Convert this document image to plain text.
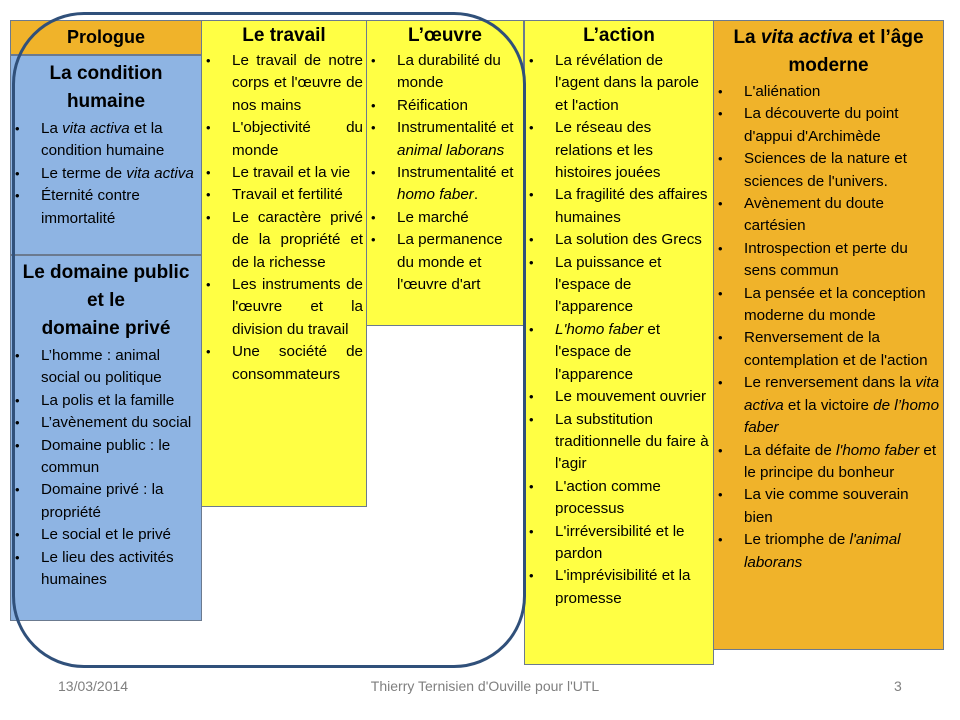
Prologue
La condition humaine
• La vita activa et la condition humaine
• Le terme de vita activa
• Éternité contre immortalité
Le domaine public
et le
domaine privé
• L’homme : animal social ou politique
• La polis et la famille
• L’avènement du social
• Domaine public : le commun
• Domaine privé : la propriété
• Le social et le privé
• Le lieu des activités humaines
Le travail
• Le travail de notre corps et l'œuvre de nos mains
• L'objectivité du monde
• Le travail et la vie
• Travail et fertilité
• Le caractère privé de la propriété et de la richesse
• Les instruments de l'œuvre et la division du travail
• Une société de consommateurs
L’œuvre
• La durabilité du monde
• Réification
• Instrumentalité et animal laborans
• Instrumentalité et homo faber.
• Le marché
• La permanence du monde et l'œuvre d'art
L’action
• La révélation de l'agent dans la parole et l'action
• Le réseau des relations et les histoires jouées
• La fragilité des affaires humaines
• La solution des Grecs
• La puissance et l'espace de l'apparence
• L'homo faber et l'espace de l'apparence
• Le mouvement ouvrier
• La substitution traditionnelle du faire à l'agir
• L'action comme processus
• L'irréversibilité et le pardon
• L'imprévisibilité et la promesse
La vita activa et l’âge moderne
• L'aliénation
• La découverte du point d'appui d'Archimède
• Sciences de la nature et sciences de l'univers.
• Avènement du doute cartésien
• Introspection et perte du sens commun
• La pensée et la conception moderne du monde
• Renversement de la contemplation et de l'action
• Le renversement dans la vita activa et la victoire de l’homo faber
• La défaite de l'homo faber et le principe du bonheur
• La vie comme souverain bien
• Le triomphe de l'animal laborans
13/03/2014	Thierry Ternisien d'Ouville pour l'UTL	3
